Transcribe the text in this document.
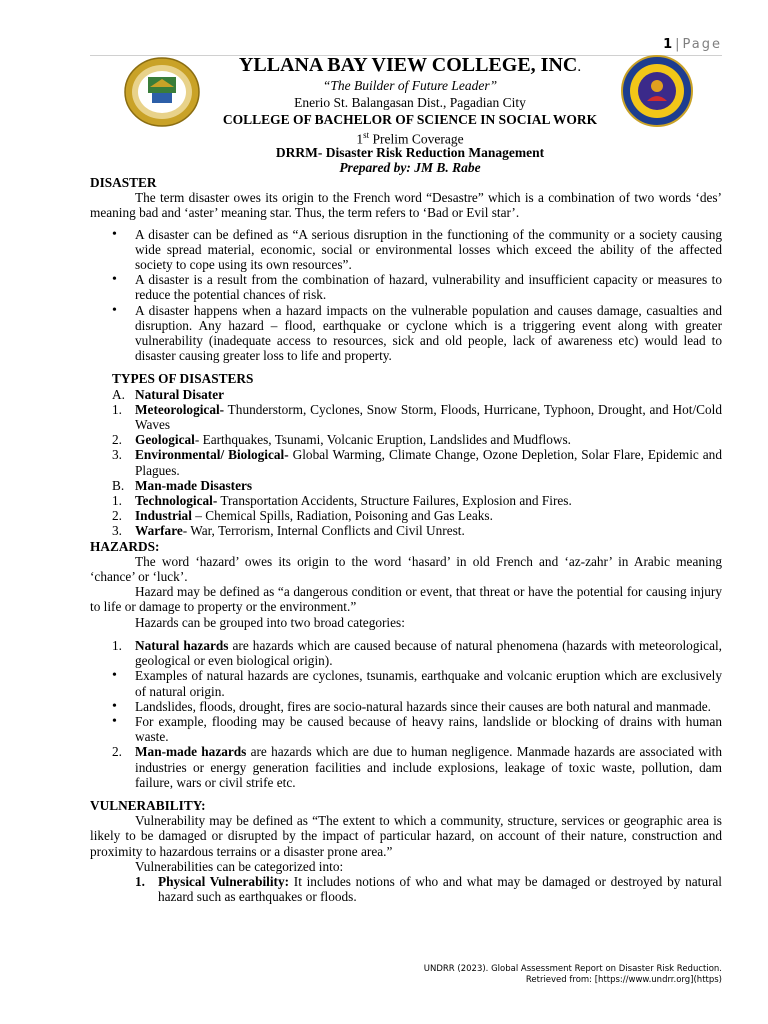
1 | Page
YLLANA BAY VIEW COLLEGE, INC.
“The Builder of Future Leader”
Enerio St. Balangasan Dist., Pagadian City
COLLEGE OF BACHELOR OF SCIENCE IN SOCIAL WORK
1st Prelim Coverage
DRRM- Disaster Risk Reduction Management
Prepared by: JM B. Rabe

DISASTER

The term disaster owes its origin to the French word “Desastre” which is a combination of two words ‘des’ meaning bad and ‘aster’ meaning star. Thus, the term refers to ‘Bad or Evil star’.

• A disaster can be defined as “A serious disruption in the functioning of the community or a society causing wide spread material, economic, social or environmental losses which exceed the ability of the affected society to cope using its own resources”.
• A disaster is a result from the combination of hazard, vulnerability and insufficient capacity or measures to reduce the potential chances of risk.
• A disaster happens when a hazard impacts on the vulnerable population and causes damage, casualties and disruption. Any hazard – flood, earthquake or cyclone which is a triggering event along with greater vulnerability (inadequate access to resources, sick and old people, lack of awareness etc) would lead to disaster causing greater loss to life and property.
TYPES OF DISASTERS
A. Natural Disater
1. Meteorological- Thunderstorm, Cyclones, Snow Storm, Floods, Hurricane, Typhoon, Drought, and Hot/Cold Waves
2. Geological- Earthquakes, Tsunami, Volcanic Eruption, Landslides and Mudflows.
3. Environmental/ Biological- Global Warming, Climate Change, Ozone Depletion, Solar Flare, Epidemic and Plagues.
B. Man-made Disasters
1. Technological- Transportation Accidents, Structure Failures, Explosion and Fires.
2. Industrial – Chemical Spills, Radiation, Poisoning and Gas Leaks.
3. Warfare- War, Terrorism, Internal Conflicts and Civil Unrest.

HAZARDS:

The word ‘hazard’ owes its origin to the word ‘hasard’ in old French and ‘az-zahr’ in Arabic meaning ‘chance’ or ‘luck’.

Hazard may be defined as “a dangerous condition or event, that threat or have the potential for causing injury to life or damage to property or the environment.”

Hazards can be grouped into two broad categories:

1. Natural hazards are hazards which are caused because of natural phenomena (hazards with meteorological, geological or even biological origin).
• Examples of natural hazards are cyclones, tsunamis, earthquake and volcanic eruption which are exclusively of natural origin.
• Landslides, floods, drought, fires are socio-natural hazards since their causes are both natural and manmade.
• For example, flooding may be caused because of heavy rains, landslide or blocking of drains with human waste.
2. Man-made hazards are hazards which are due to human negligence. Manmade hazards are associated with industries or energy generation facilities and include explosions, leakage of toxic waste, pollution, dam failure, wars or civil strife etc.

VULNERABILITY:

Vulnerability may be defined as “The extent to which a community, structure, services or geographic area is likely to be damaged or disrupted by the impact of particular hazard, on account of their nature, construction and proximity to hazardous terrains or a disaster prone area.”

Vulnerabilities can be categorized into:

1. Physical Vulnerability: It includes notions of who and what may be damaged or destroyed by natural hazard such as earthquakes or floods.
UNDRR (2023). Global Assessment Report on Disaster Risk Reduction.
Retrieved from: [https://www.undrr.org](https)
